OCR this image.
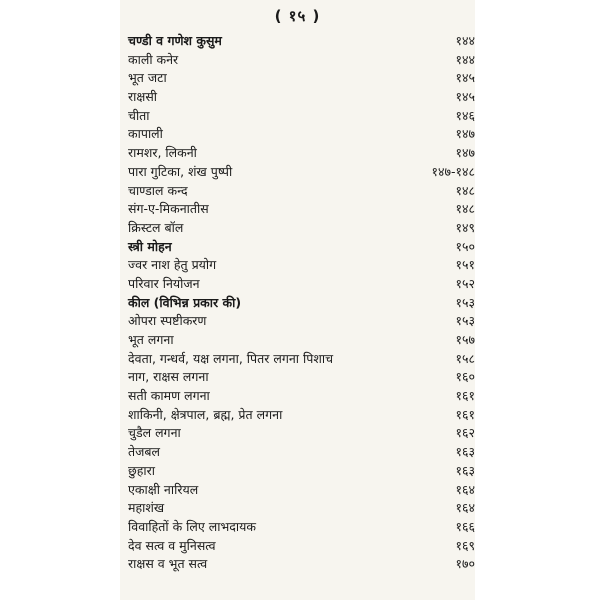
( १५ )
चण्डी व गणेश कुसुम	१४४
काली कनेर	१४४
भूत जटा	१४५
राक्षसी	१४५
चीता	१४६
कापाली	१४७
रामशर, लिकनी	१४७
पारा गुटिका, शंख पुष्पी	१४७-१४८
चाण्डाल कन्द	१४८
संग-ए-मिकनातीस	१४८
क्रिस्टल बॉल	१४९
स्त्री मोहन	१५०
ज्वर नाश हेतु प्रयोग	१५१
परिवार नियोजन	१५२
कील (विभिन्न प्रकार की)	१५३
ओपरा स्पष्टीकरण	१५३
भूत लगना	१५७
देवता, गन्धर्व, यक्ष लगना, पितर लगना पिशाच	१५८
नाग, राक्षस लगना	१६०
सती कामण लगना	१६१
शाकिनी, क्षेत्रपाल, ब्रह्म, प्रेत लगना	१६१
चुडैल लगना	१६२
तेजबल	१६३
छुहारा	१६३
एकाक्षी नारियल	१६४
महाशंख	१६४
विवाहितों के लिए लाभदायक	१६६
देव सत्व व मुनिसत्व	१६९
राक्षस व भूत सत्व	१७०
